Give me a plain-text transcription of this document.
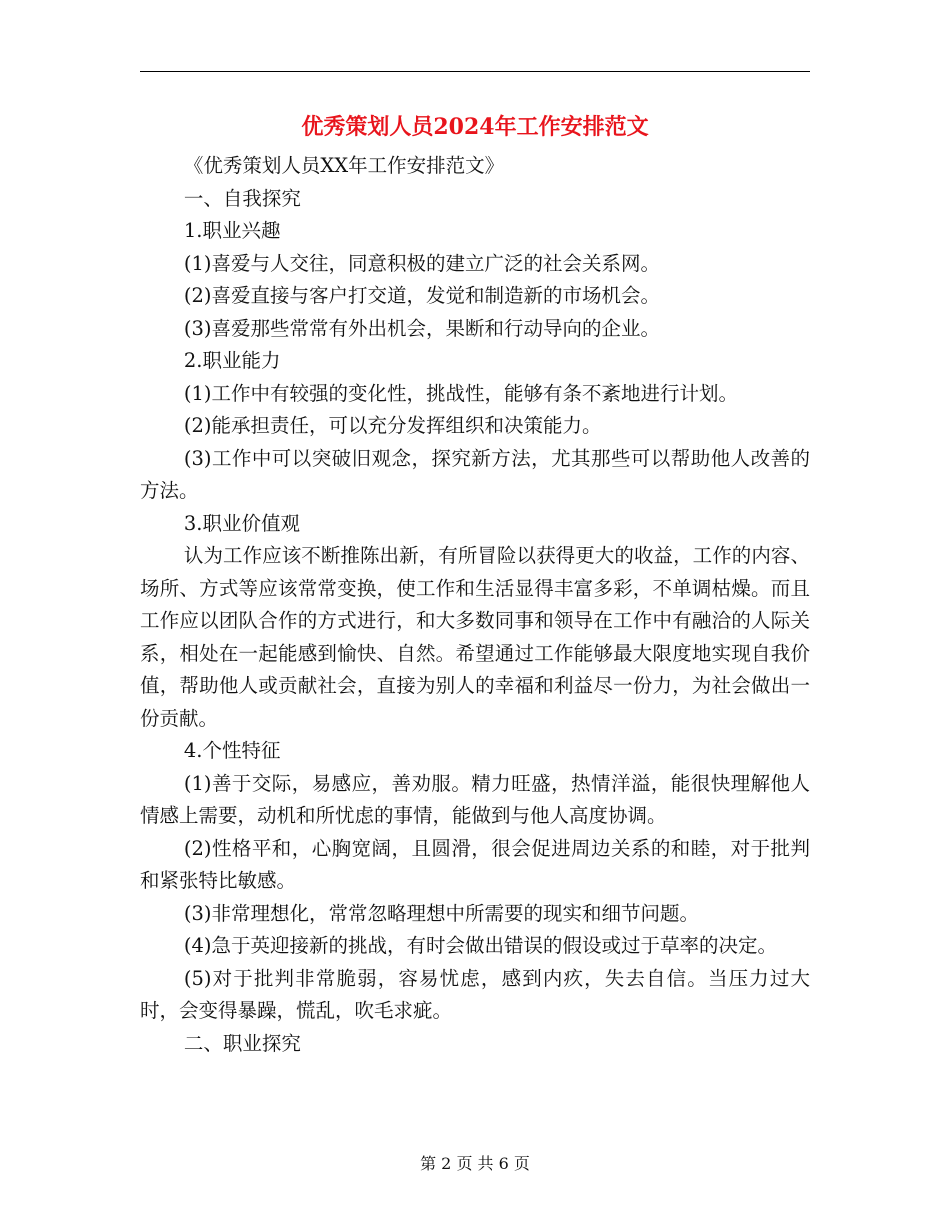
优秀策划人员2024年工作安排范文

《优秀策划人员XX年工作安排范文》

一、自我探究

1.职业兴趣

(1)喜爱与人交往，同意积极的建立广泛的社会关系网。

(2)喜爱直接与客户打交道，发觉和制造新的市场机会。

(3)喜爱那些常常有外出机会，果断和行动导向的企业。

2.职业能力

(1)工作中有较强的变化性，挑战性，能够有条不紊地进行计划。

(2)能承担责任，可以充分发挥组织和决策能力。

(3)工作中可以突破旧观念，探究新方法，尤其那些可以帮助他人改善的方法。

3.职业价值观

认为工作应该不断推陈出新，有所冒险以获得更大的收益，工作的内容、场所、方式等应该常常变换，使工作和生活显得丰富多彩，不单调枯燥。而且工作应以团队合作的方式进行，和大多数同事和领导在工作中有融洽的人际关系，相处在一起能感到愉快、自然。希望通过工作能够最大限度地实现自我价值，帮助他人或贡献社会，直接为别人的幸福和利益尽一份力，为社会做出一份贡献。

4.个性特征

(1)善于交际，易感应，善劝服。精力旺盛，热情洋溢，能很快理解他人情感上需要，动机和所忧虑的事情，能做到与他人高度协调。

(2)性格平和，心胸宽阔，且圆滑，很会促进周边关系的和睦，对于批判和紧张特比敏感。

(3)非常理想化，常常忽略理想中所需要的现实和细节问题。

(4)急于英迎接新的挑战，有时会做出错误的假设或过于草率的决定。

(5)对于批判非常脆弱，容易忧虑，感到内疚，失去自信。当压力过大时，会变得暴躁，慌乱，吹毛求疵。

二、职业探究

第 2 页 共 6 页
